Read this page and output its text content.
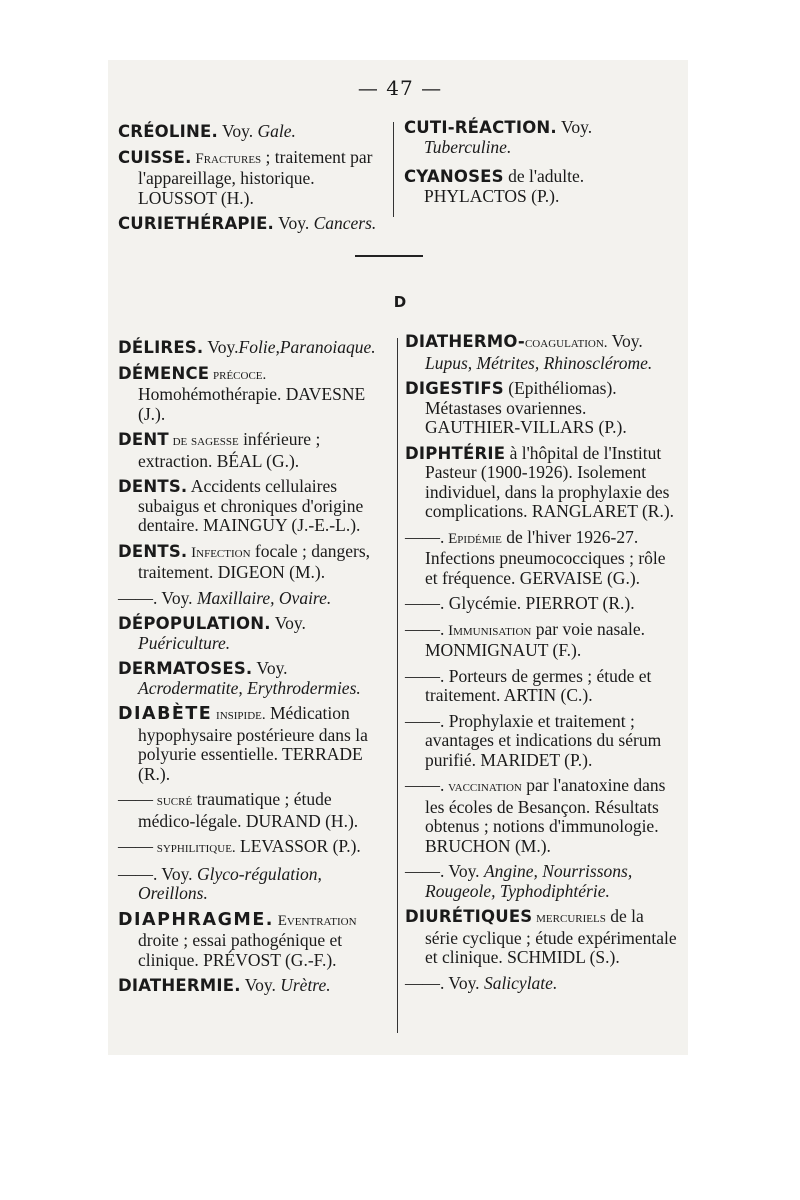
— 47 —
CRÉOLINE. Voy. Gale.
CUISSE. Fractures ; traitement par l'appareillage, historique. LOUSSOT (H.).
CURIETHÉRAPIE. Voy. Cancers.
CUTI-RÉACTION. Voy. Tuberculine.
CYANOSES de l'adulte. PHYLACTOS (P.).
D
DÉLIRES. Voy.Folie,Paranoiaque.
DÉMENCE précoce. Homohémothérapie. DAVESNE (J.).
DENT de sagesse inférieure ; extraction. BÉAL (G.).
DENTS. Accidents cellulaires subaigus et chroniques d'origine dentaire. MAINGUY (J.-E.-L.).
DENTS. Infection focale ; dangers, traitement. DIGEON (M.).
——. Voy. Maxillaire, Ovaire.
DÉPOPULATION. Voy. Puériculture.
DERMATOSES. Voy. Acrodermatite, Erythrodermies.
DIABÈTE insipide. Médication hypophysaire postérieure dans la polyurie essentielle. TERRADE (R.).
—— sucré traumatique ; étude médico-légale. DURAND (H.).
—— syphilitique. LEVASSOR (P.).
——. Voy. Glyco-régulation, Oreillons.
DIAPHRAGME. Eventration droite ; essai pathogénique et clinique. PRÉVOST (G.-F.).
DIATHERMIE. Voy. Urètre.
DIATHERMO-coagulation. Voy. Lupus, Métrites, Rhinosclérome.
DIGESTIFS (Epithéliomas). Métastases ovariennes. GAUTHIER-VILLARS (P.).
DIPHTÉRIE à l'hôpital de l'Institut Pasteur (1900-1926). Isolement individuel, dans la prophylaxie des complications. RANGLARET (R.).
——. Epidémie de l'hiver 1926-27. Infections pneumococciques ; rôle et fréquence. GERVAISE (G.).
——. Glycémie. PIERROT (R.).
——. Immunisation par voie nasale. MONMIGNAUT (F.).
——. Porteurs de germes ; étude et traitement. ARTIN (C.).
——. Prophylaxie et traitement ; avantages et indications du sérum purifié. MARIDET (P.).
——. vaccination par l'anatoxine dans les écoles de Besançon. Résultats obtenus ; notions d'immunologie. BRUCHON (M.).
——. Voy. Angine, Nourrissons, Rougeole, Typhodiphtérie.
DIURÉTIQUES mercuriels de la série cyclique ; étude expérimentale et clinique. SCHMIDL (S.).
——. Voy. Salicylate.
